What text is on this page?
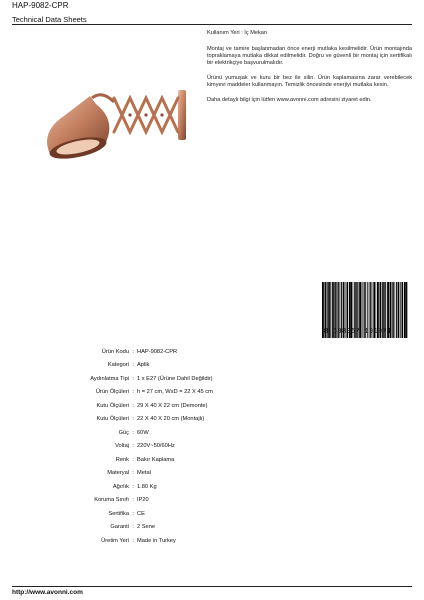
HAP-9082-CPR
Technical Data Sheets

Kullanım Yeri : İç Mekan

Montaj ve tamire başlanmadan önce enerji mutlaka kesilmelidir. Ürün montajında topraklamaya mutlaka dikkat edilmelidir. Doğru ve güvenli bir montaj için sertifikalı bir elektrikçiye başvurulmalıdır.

Ürünü yumuşak ve kuru bir bez ile silin. Ürün kaplamasına zarar verebilecek kimyevi maddeler kullanmayın. Temizlik öncesinde enerjiyi mutlaka kesin.

Daha detaylı bilgi için lütfen www.avonni.com adresini ziyaret edin.

8 698957 191074
Ürün Kodu : HAP-9082-CPR
Kategori : Aplik
Aydınlatma Tipi : 1 x E27 (Ürüne Dahil Değildir)
Ürün Ölçüleri : h = 27 cm, WxD = 22 X 45 cm
Kutu Ölçüleri : 29 X 40 X 22 cm (Demonte)
Kutu Ölçüleri : 22 X 40 X 20 cm (Montajlı)
Güç : 60W
Voltaj : 220V~50/60Hz
Renk : Bakır Kaplama
Materyal : Metal
Ağırlık : 1.80 Kg
Koruma Sınıfı : IP20
Sertifika : CE
Garanti : 2 Sene
Üretim Yeri : Made in Turkey
http://www.avonni.com
